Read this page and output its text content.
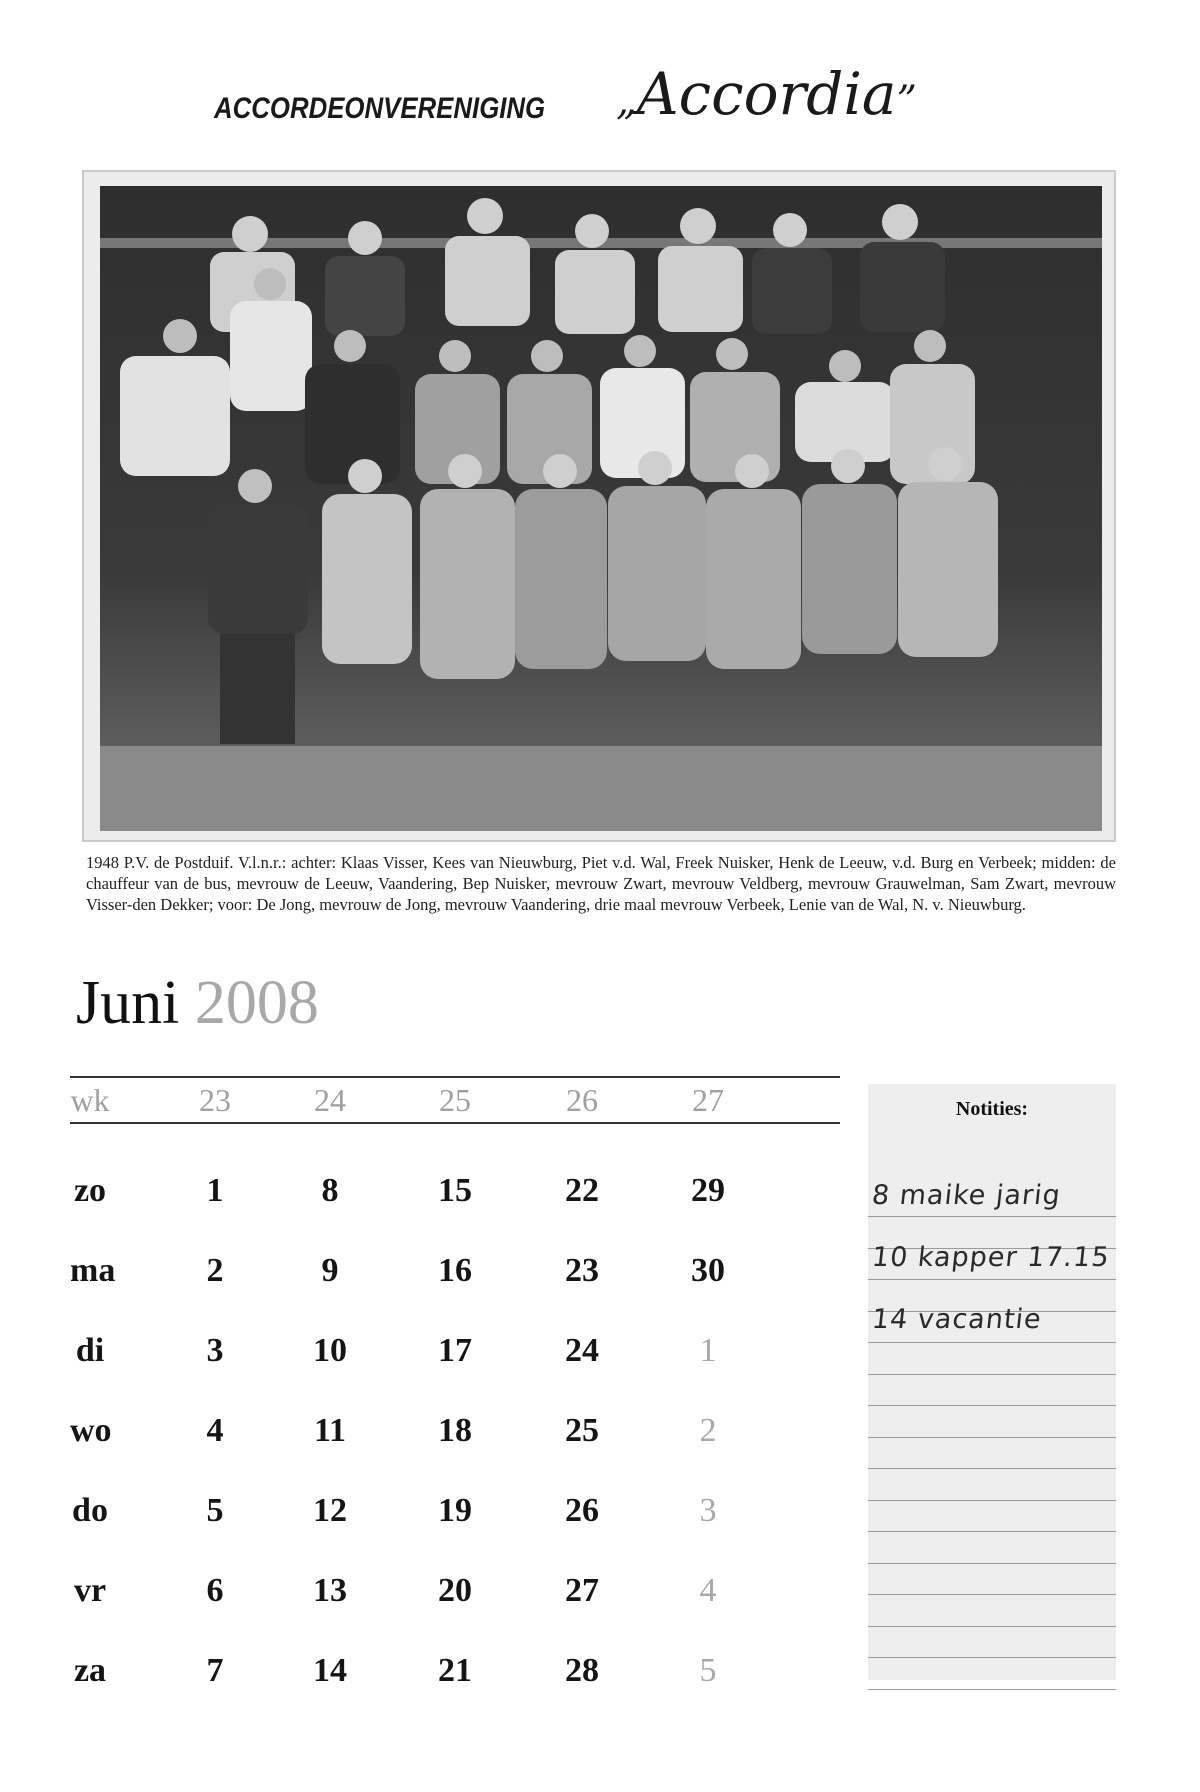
ACCORDEONVERENIGING „Accordia”
1948 P.V. de Postduif. V.l.n.r.: achter: Klaas Visser, Kees van Nieuwburg, Piet v.d. Wal, Freek Nuisker, Henk de Leeuw, v.d. Burg en Verbeek; midden: de chauffeur van de bus, mevrouw de Leeuw, Vaandering, Bep Nuisker, mevrouw Zwart, mevrouw Veldberg, mevrouw Grauwelman, Sam Zwart, mevrouw Visser-den Dekker; voor: De Jong, mevrouw de Jong, mevrouw Vaandering, drie maal mevrouw Verbeek, Lenie van de Wal, N. v. Nieuwburg.
Juni 2008
wk	23	24	25	26	27
zo	1	8	15	22	29
ma	2	9	16	23	30
di	3	10	17	24	1
wo	4	11	18	25	2
do	5	12	19	26	3
vr	6	13	20	27	4
za	7	14	21	28	5
Notities:
8 maike jarig
10 kapper 17.15
14 vacantie
